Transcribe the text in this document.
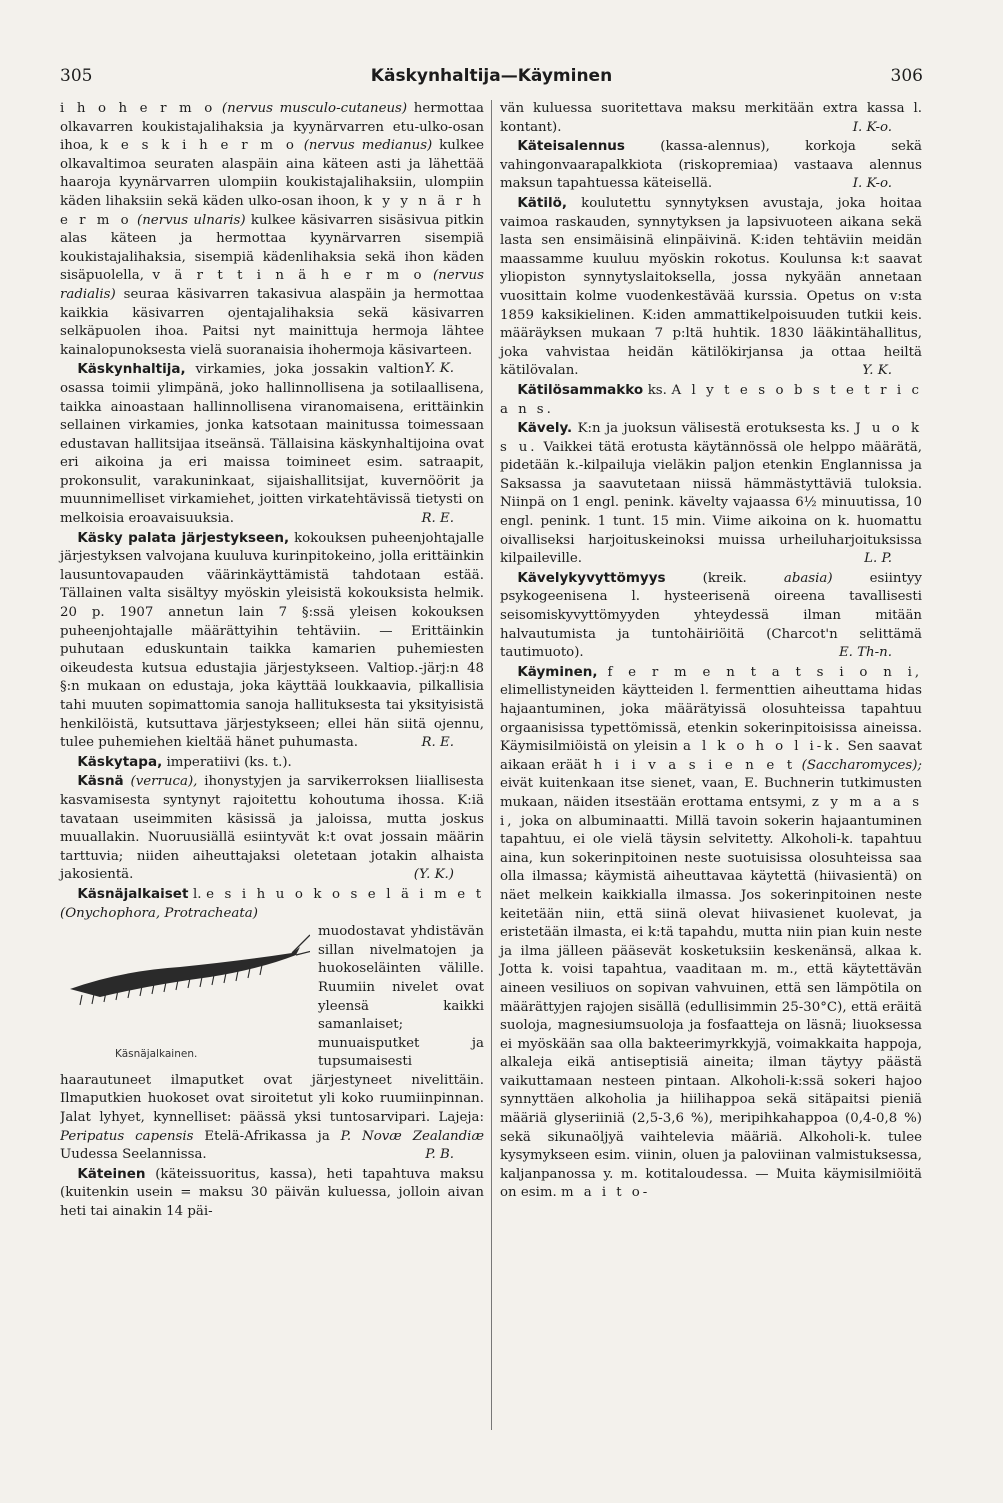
305	Käskynhaltija—Käyminen	306

i h o h e r m o (nervus musculo-cutaneus) hermottaa olkavarren koukistajalihaksia ja kyynärvarren etu-ulko-osan ihoa, k e s k i h e r m o (nervus medianus) kulkee olkavaltimoa seuraten alaspäin aina käteen asti ja lähettää haaroja kyynärvarren ulompiin koukistajalihaksiin, ulompiin käden lihaksiin sekä käden ulko-osan ihoon, k y y n ä r h e r m o (nervus ulnaris) kulkee käsivarren sisäsivua pitkin alas käteen ja hermottaa kyynärvarren sisempiä koukistajalihaksia, sisempiä kädenlihaksia sekä ihon käden sisäpuolella, v ä r t t i n ä h e r m o (nervus radialis) seuraa käsivarren takasivua alaspäin ja hermottaa kaikkia käsivarren ojentajalihaksia sekä käsivarren selkäpuolen ihoa. Paitsi nyt mainittuja hermoja lähtee kainalopunoksesta vielä suoranaisia ihohermoja käsivarteen.
Y. K.

Käskynhaltija, virkamies, joka jossakin valtion osassa toimii ylimpänä, joko hallinnollisena ja sotilaallisena, taikka ainoastaan hallinnollisena viranomaisena, erittäinkin sellainen virkamies, jonka katsotaan mainitussa toimessaan edustavan hallitsijaa itseänsä. Tällaisina käskynhaltijoina ovat eri aikoina ja eri maissa toimineet esim. satraapit, prokonsulit, varakuninkaat, sijaishallitsijat, kuvernöörit ja muunnimelliset virkamiehet, joitten virkatehtävissä tietysti on melkoisia eroavaisuuksia.	R. E.

Käsky palata järjestykseen, kokouksen puheenjohtajalle järjestyksen valvojana kuuluva kurinpitokeino, jolla erittäinkin lausuntovapauden väärinkäyttämistä tahdotaan estää. Tällainen valta sisältyy myöskin yleisistä kokouksista helmik. 20 p. 1907 annetun lain 7 §:ssä yleisen kokouksen puheenjohtajalle määrättyihin tehtäviin. — Erittäinkin puhutaan eduskuntain taikka kamarien puhemiesten oikeudesta kutsua edustajia järjestykseen. Valtiop.-järj:n 48 §:n mukaan on edustaja, joka käyttää loukkaavia, pilkallisia tahi muuten sopimattomia sanoja hallituksesta tai yksityisistä henkilöistä, kutsuttava järjestykseen; ellei hän siitä ojennu, tulee puhemiehen kieltää hänet puhumasta.	R. E.

Käskytapa, imperatiivi (ks. t.).

Käsnä (verruca), ihonystyjen ja sarvikerroksen liiallisesta kasvamisesta syntynyt rajoitettu kohoutuma ihossa. K:iä tavataan useimmiten käsissä ja jaloissa, mutta joskus muuallakin. Nuoruusiällä esiintyvät k:t ovat jossain määrin tarttuvia; niiden aiheuttajaksi oletetaan jotakin alhaista jakosientä.	(Y. K.)

Käsnäjalkaiset l. e s i h u o k o s e l ä i m e t (Onychophora, Protracheata)

Käsnäjalkainen.

muodostavat yhdistävän sillan nivelmatojen ja huokoseläinten välille. Ruumiin nivelet ovat yleensä kaikki samanlaiset; munuaisputket ja tupsumaisesti haarautuneet ilmaputket ovat järjestyneet nivelittäin. Ilmaputkien huokoset ovat siroitetut yli koko ruumiinpinnan. Jalat lyhyet, kynnelliset: päässä yksi tuntosarvipari. Lajeja: Peripatus capensis Etelä-Afrikassa ja P. Novæ Zealandiæ Uudessa Seelannissa.	P. B.

Käteinen (käteissuoritus, kassa), heti tapahtuva maksu (kuitenkin usein = maksu 30 päivän kuluessa, jolloin aivan heti tai ainakin 14 päi-

vän kuluessa suoritettava maksu merkitään extra kassa l. kontant).	I. K-o.

Käteisalennus	(kassa-alennus), korkoja sekä vahingonvaarapalkkiota (riskopremiaa) vastaava alennus maksun tapahtuessa käteisellä.	I. K-o.

Kätilö, koulutettu synnytyksen avustaja, joka hoitaa vaimoa raskauden, synnytyksen ja lapsivuoteen aikana sekä lasta sen ensimäisinä elinpäivinä. K:iden tehtäviin meidän maassamme kuuluu myöskin rokotus. Koulunsa k:t saavat yliopiston synnytyslaitoksella, jossa nykyään annetaan vuosittain kolme vuodenkestävää kurssia. Opetus on v:sta 1859 kaksikielinen. K:iden ammattikelpoisuuden tutkii keis. määräyksen mukaan 7 p:ltä huhtik. 1830 lääkintähallitus, joka vahvistaa heidän kätilökirjansa ja ottaa heiltä kätilövalan.	Y. K.

Kätilösammakko ks. A l y t e s o b s t e t r i c a n s.

Kävely. K:n ja juoksun välisestä erotuksesta ks. J u o k s u. Vaikkei tätä erotusta käytännössä ole helppo määrätä, pidetään k.-kilpailuja vieläkin paljon etenkin Englannissa ja Saksassa ja saavutetaan niissä hämmästyttäviä tuloksia. Niinpä on 1 engl. penink. kävelty vajaassa 6½ minuutissa, 10 engl. penink. 1 tunt. 15 min. Viime aikoina on k. huomattu oivalliseksi harjoituskeinoksi muissa urheiluharjoituksissa kilpaileville.	L. P.

Kävelykyvyttömyys	(kreik.	abasia)	esiintyy psykogeenisena l. hysteerisenä oireena tavallisesti seisomiskyvyttömyyden yhteydessä ilman mitään halvautumista ja tuntohäiriöitä (Charcot'n selittämä tautimuoto).	E. Th-n.

Käyminen, f e r m e n t a t s i o n i, elimellistyneiden käytteiden l. fermenttien aiheuttama hidas hajaantuminen, joka määrätyissä olosuhteissa tapahtuu orgaanisissa typettömissä, etenkin sokerinpitoisissa aineissa. Käymisilmiöistä on yleisin a l k o h o l i-k. Sen saavat aikaan eräät h i i v a s i e n e t (Saccharomyces); eivät kuitenkaan itse sienet, vaan, E. Buchnerin tutkimusten mukaan, näiden itsestään erottama entsymi, z y m a a s i, joka on albuminaatti. Millä tavoin sokerin hajaantuminen tapahtuu, ei ole vielä täysin selvitetty. Alkoholi-k. tapahtuu aina, kun sokerinpitoinen neste suotuisissa olosuhteissa saa olla ilmassa; käymistä aiheuttavaa käytettä (hiivasientä) on näet melkein kaikkialla ilmassa. Jos sokerinpitoinen neste keitetään niin, että siinä olevat hiivasienet kuolevat, ja eristetään ilmasta, ei k:tä tapahdu, mutta niin pian kuin neste ja ilma jälleen pääsevät kosketuksiin keskenänsä, alkaa k. Jotta k. voisi tapahtua, vaaditaan m. m., että käytettävän aineen vesiliuos on sopivan vahvuinen, että sen lämpötila on määrättyjen rajojen sisällä (edullisimmin 25-30°C), että eräitä suoloja, magnesiumsuoloja ja fosfaatteja on läsnä; liuoksessa ei myöskään saa olla bakteerimyrkkyjä, voimakkaita happoja, alkaleja eikä antiseptisiä aineita; ilman täytyy päästä vaikuttamaan nesteen pintaan. Alkoholi-k:ssä sokeri hajoo synnyttäen alkoholia ja hiilihappoa sekä sitäpaitsi pieniä määriä glyseriiniä (2,5-3,6 %), meripihkahappoa (0,4-0,8 %) sekä sikunaöljyä vaihtelevia määriä. Alkoholi-k. tulee kysymykseen esim. viinin, oluen ja paloviinan valmistuksessa, kaljanpanossa y. m. kotitaloudessa. — Muita käymisilmiöitä on esim. m a i t o-
